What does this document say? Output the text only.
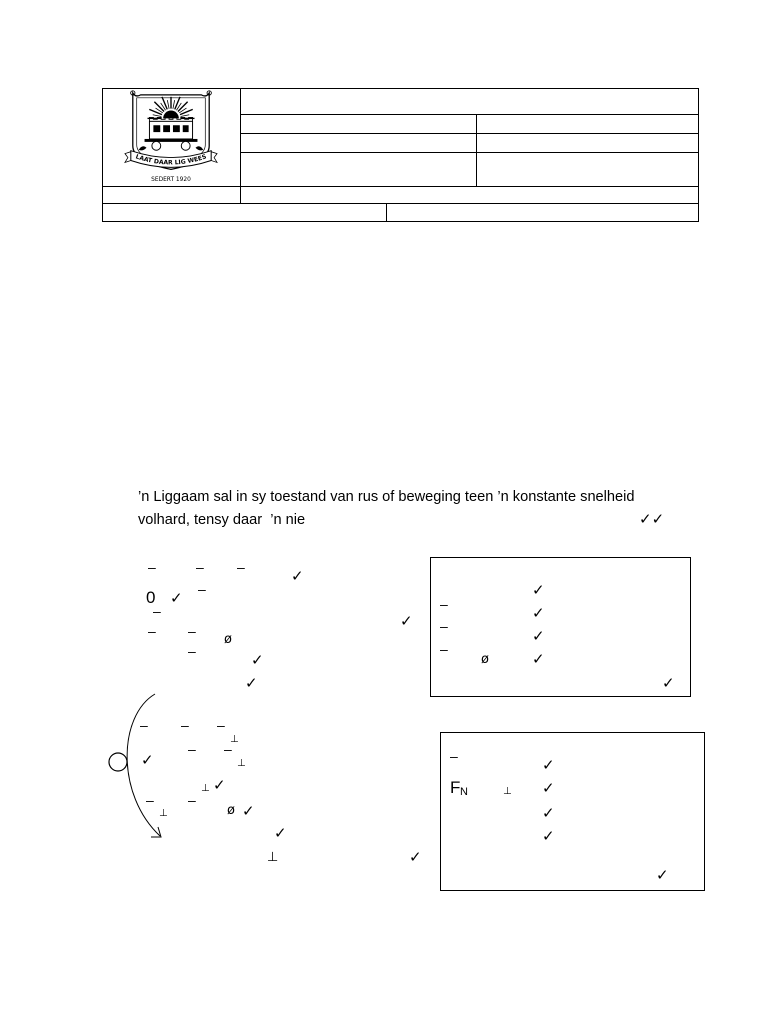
LAAT DAAR LIG WEES
SEDERT 1920			

’n Liggaam sal in sy toestand van rus of beweging teen ’n konstante snelheid
volhard, tensy daar  ’n nie	✓✓
–	– –	✓
–
0 ✓
–
✓
– –
ø
–	✓
✓
✓
–	✓
–
✓
–
ø	✓
✓
– – –
⊥
– –
✓	⊥
⊥ ✓
– –
⊥	ø ✓
✓
⊥	✓
–	✓
F N	⊥ ✓
✓
✓
✓
